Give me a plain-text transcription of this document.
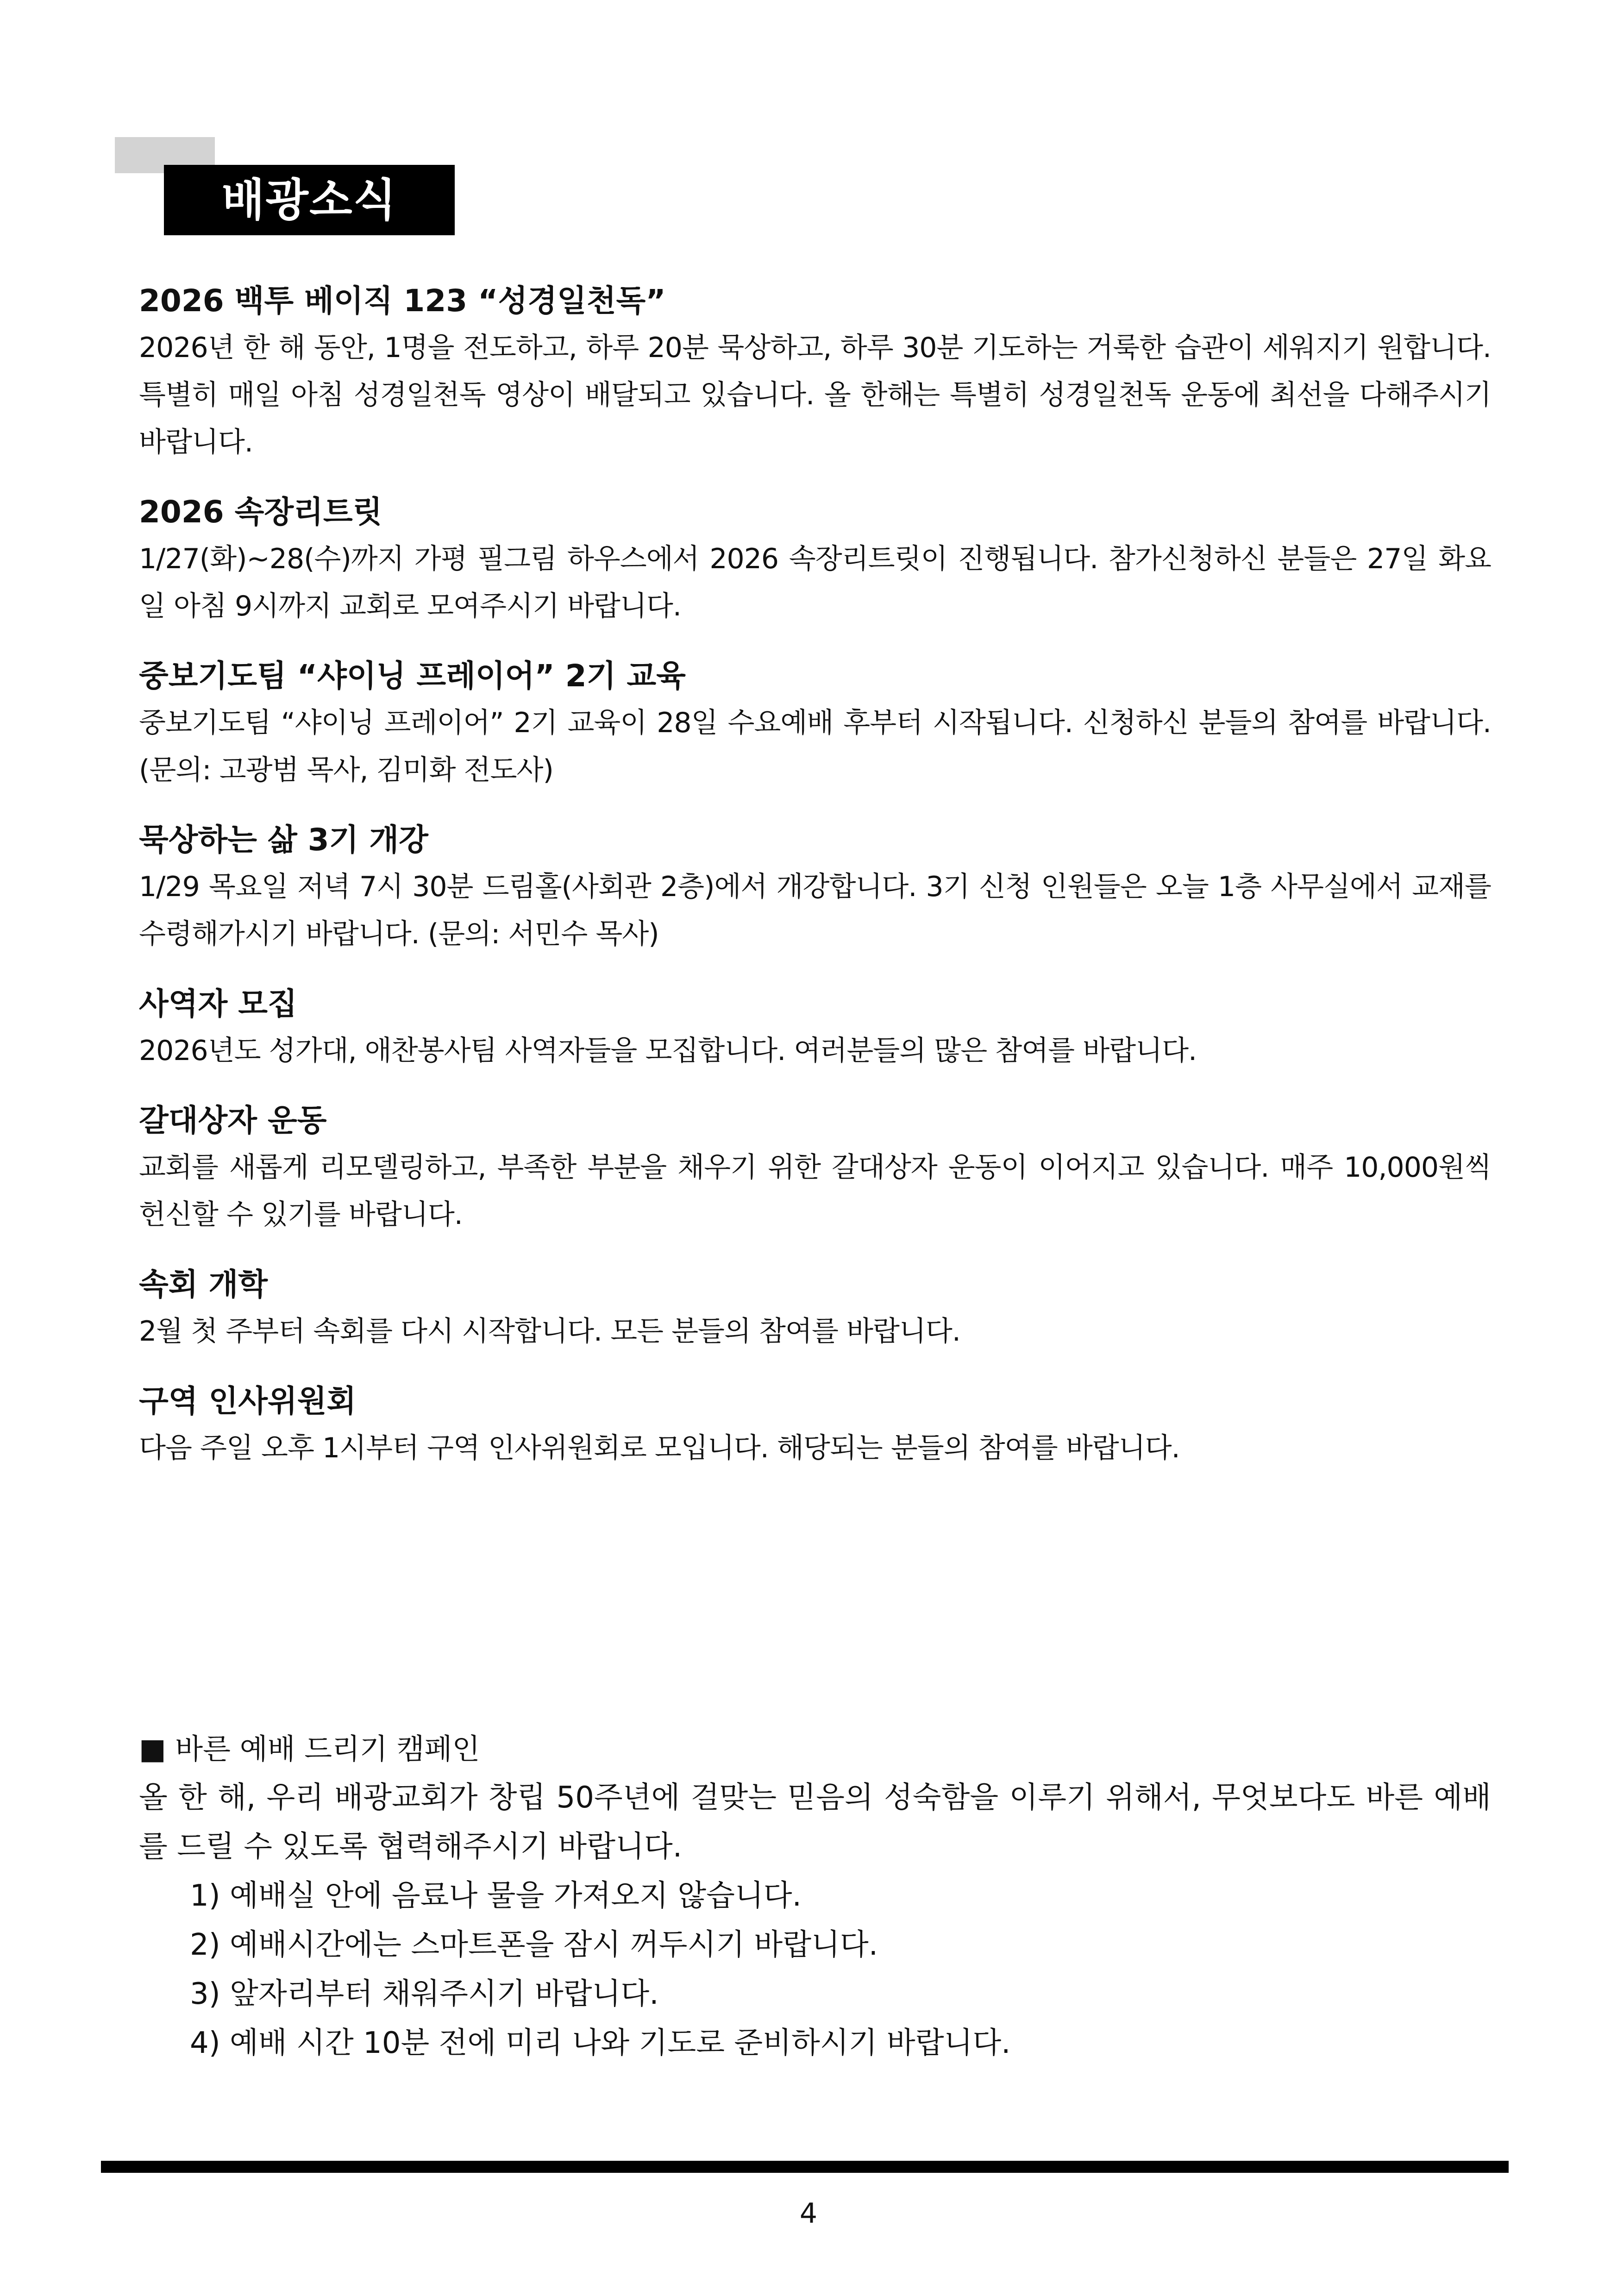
배광소식

2026 백투 베이직 123 “성경일천독”

2026년 한 해 동안, 1명을 전도하고, 하루 20분 묵상하고, 하루 30분 기도하는 거룩한 습관이 세워지기 원합니다. 특별히 매일 아침 성경일천독 영상이 배달되고 있습니다. 올 한해는 특별히 성경일천독 운동에 최선을 다해주시기 바랍니다.

2026 속장리트릿

1/27(화)~28(수)까지 가평 필그림 하우스에서 2026 속장리트릿이 진행됩니다. 참가신청하신 분들은 27일 화요일 아침 9시까지 교회로 모여주시기 바랍니다.

중보기도팀 “샤이닝 프레이어” 2기 교육

중보기도팀 “샤이닝 프레이어” 2기 교육이 28일 수요예배 후부터 시작됩니다. 신청하신 분들의 참여를 바랍니다. (문의: 고광범 목사, 김미화 전도사)

묵상하는 삶 3기 개강

1/29 목요일 저녁 7시 30분 드림홀(사회관 2층)에서 개강합니다. 3기 신청 인원들은 오늘 1층 사무실에서 교재를 수령해가시기 바랍니다. (문의: 서민수 목사)

사역자 모집

2026년도 성가대, 애찬봉사팀 사역자들을 모집합니다. 여러분들의 많은 참여를 바랍니다.

갈대상자 운동

교회를 새롭게 리모델링하고, 부족한 부분을 채우기 위한 갈대상자 운동이 이어지고 있습니다. 매주 10,000원씩 헌신할 수 있기를 바랍니다.

속회 개학

2월 첫 주부터 속회를 다시 시작합니다. 모든 분들의 참여를 바랍니다.

구역 인사위원회

다음 주일 오후 1시부터 구역 인사위원회로 모입니다. 해당되는 분들의 참여를 바랍니다.

■ 바른 예배 드리기 캠페인

올 한 해, 우리 배광교회가 창립 50주년에 걸맞는 믿음의 성숙함을 이루기 위해서, 무엇보다도 바른 예배를 드릴 수 있도록 협력해주시기 바랍니다.

1) 예배실 안에 음료나 물을 가져오지 않습니다.
2) 예배시간에는 스마트폰을 잠시 꺼두시기 바랍니다.
3) 앞자리부터 채워주시기 바랍니다.
4) 예배 시간 10분 전에 미리 나와 기도로 준비하시기 바랍니다.
4
